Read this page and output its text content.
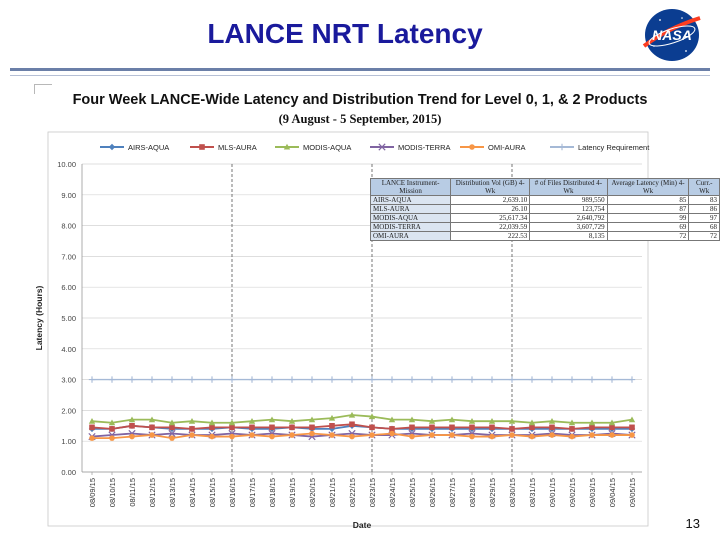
LANCE NRT Latency	NASA
Four Week LANCE-Wide Latency and Distribution Trend for Level 0, 1, & 2 Products
(9 August - 5 September, 2015)
AIRS-AQUA	MLS-AURA	MODIS-AQUA	MODIS-TERRA	OMI-AURA	Latency Requirement
0.00
1.00
2.00
3.00
4.00
5.00
6.00
7.00
8.00
9.00
10.00
08/09/15 08/10/15 08/11/15 08/12/15 08/13/15 08/14/15 08/15/15 08/16/15 08/17/15 08/18/15 08/19/15 08/20/15 08/21/15 08/22/15 08/23/15 08/24/15 08/25/15 08/26/15 08/27/15 08/28/15 08/29/15 08/30/15 08/31/15 09/01/15 09/02/15 09/03/15 09/04/15 09/05/15
Latency (Hours)
Date
LANCE Instrument-Mission	Distribution Vol (GB) 4-Wk	# of Files Distributed 4-Wk	Average Latency (Min) 4-Wk	Curr.-Wk
AIRS-AQUA	2,639.10	989,550	85	83
MLS-AURA	26.10	123,754	87	86
MODIS-AQUA	25,617.34	2,640,792	99	97
MODIS-TERRA	22,039.59	3,607,729	69	68
OMI-AURA	222.53	8,135	72	72
13
